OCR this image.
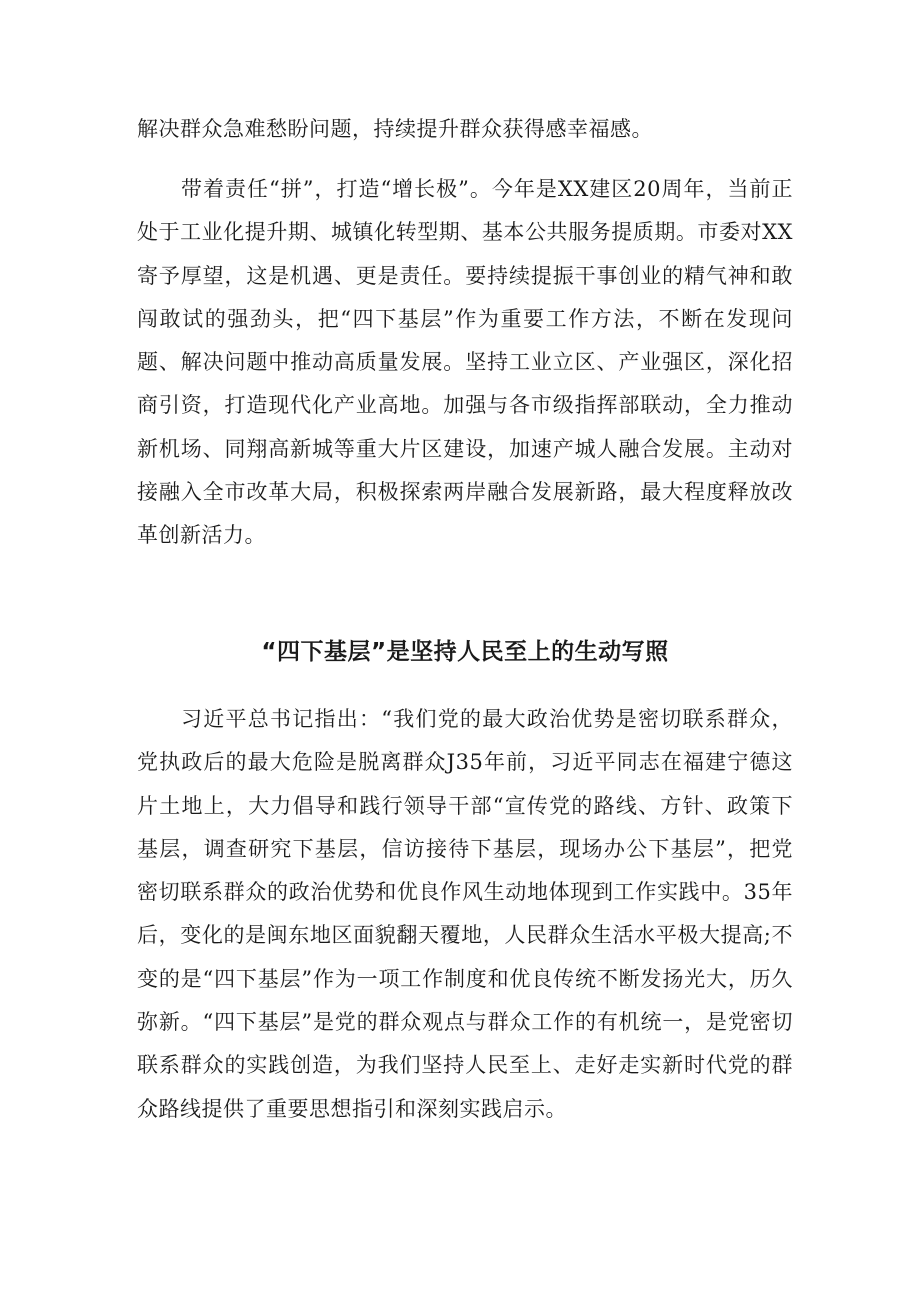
解决群众急难愁盼问题，持续提升群众获得感幸福感。

带着责任“拼”，打造“增长极”。今年是XX建区20周年，当前正处于工业化提升期、城镇化转型期、基本公共服务提质期。市委对XX寄予厚望，这是机遇、更是责任。要持续提振干事创业的精气神和敢闯敢试的强劲头，把“四下基层”作为重要工作方法，不断在发现问题、解决问题中推动高质量发展。坚持工业立区、产业强区，深化招商引资，打造现代化产业高地。加强与各市级指挥部联动，全力推动新机场、同翔高新城等重大片区建设，加速产城人融合发展。主动对接融入全市改革大局，积极探索两岸融合发展新路，最大程度释放改革创新活力。

“四下基层”是坚持人民至上的生动写照

习近平总书记指出：“我们党的最大政治优势是密切联系群众，党执政后的最大危险是脱离群众J35年前，习近平同志在福建宁德这片土地上，大力倡导和践行领导干部“宣传党的路线、方针、政策下基层，调查研究下基层，信访接待下基层，现场办公下基层”，把党密切联系群众的政治优势和优良作风生动地体现到工作实践中。35年后，变化的是闽东地区面貌翻天覆地，人民群众生活水平极大提高;不变的是“四下基层”作为一项工作制度和优良传统不断发扬光大，历久弥新。“四下基层”是党的群众观点与群众工作的有机统一，是党密切联系群众的实践创造，为我们坚持人民至上、走好走实新时代党的群众路线提供了重要思想指引和深刻实践启示。
